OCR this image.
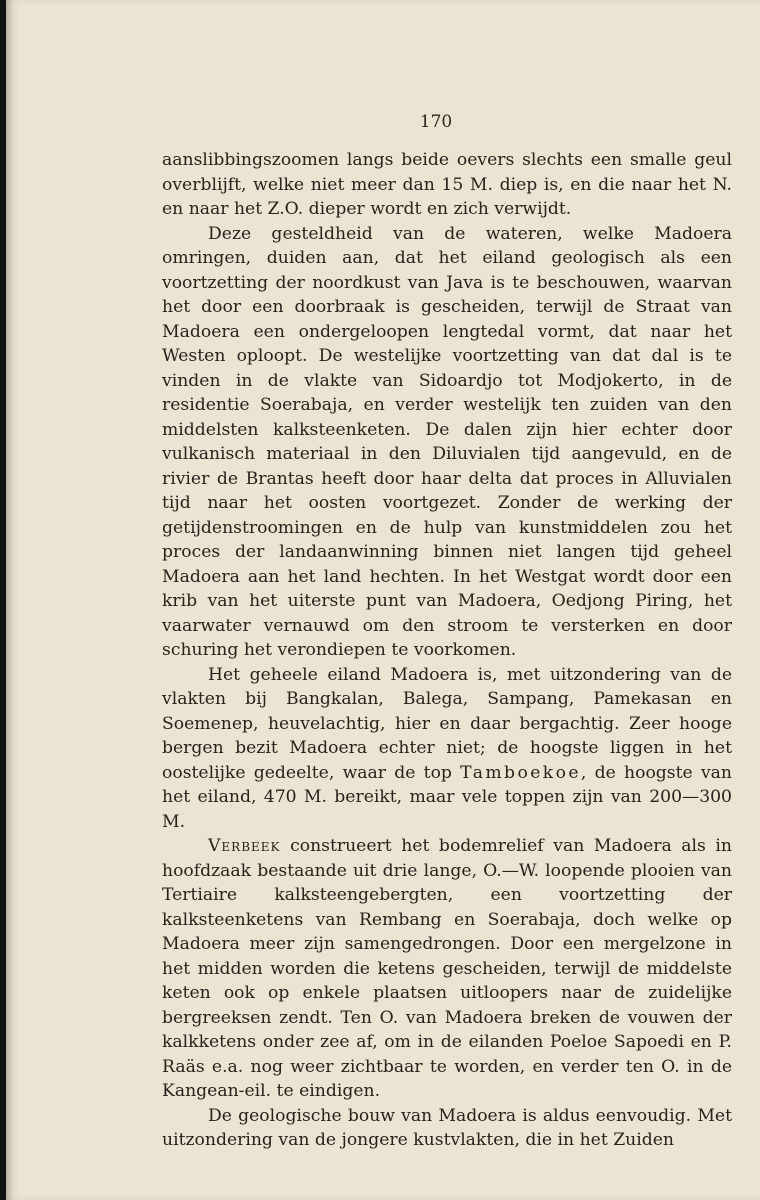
170

aanslibbingszoomen langs beide oevers slechts een smalle geul overblijft, welke niet meer dan 15 M. diep is, en die naar het N. en naar het Z.O. dieper wordt en zich verwijdt.

Deze gesteldheid van de wateren, welke Madoera omringen, duiden aan, dat het eiland geologisch als een voortzetting der noordkust van Java is te beschouwen, waarvan het door een doorbraak is gescheiden, terwijl de Straat van Madoera een ondergeloopen lengtedal vormt, dat naar het Westen oploopt. De westelijke voortzetting van dat dal is te vinden in de vlakte van Sidoardjo tot Modjokerto, in de residentie Soerabaja, en verder westelijk ten zuiden van den middelsten kalksteenketen. De dalen zijn hier echter door vulkanisch materiaal in den Diluvialen tijd aangevuld, en de rivier de Brantas heeft door haar delta dat proces in Alluvialen tijd naar het oosten voortgezet. Zonder de werking der getijdenstroomingen en de hulp van kunstmiddelen zou het proces der landaanwinning binnen niet langen tijd geheel Madoera aan het land hechten. In het Westgat wordt door een krib van het uiterste punt van Madoera, Oedjong Piring, het vaarwater vernauwd om den stroom te versterken en door schuring het verondiepen te voorkomen.

Het geheele eiland Madoera is, met uitzondering van de vlakten bij Bangkalan, Balega, Sampang, Pamekasan en Soemenep, heuvelachtig, hier en daar bergachtig. Zeer hooge bergen bezit Madoera echter niet; de hoogste liggen in het oostelijke gedeelte, waar de top Tamboekoe, de hoogste van het eiland, 470 M. bereikt, maar vele toppen zijn van 200—300 M.

Verbeek construeert het bodemrelief van Madoera als in hoofdzaak bestaande uit drie lange, O.—W. loopende plooien van Tertiaire kalksteengebergten, een voortzetting der kalksteenketens van Rembang en Soerabaja, doch welke op Madoera meer zijn samengedrongen. Door een mergelzone in het midden worden die ketens gescheiden, terwijl de middelste keten ook op enkele plaatsen uitloopers naar de zuidelijke bergreeksen zendt. Ten O. van Madoera breken de vouwen der kalkketens onder zee af, om in de eilanden Poeloe Sapoedi en P. Raäs e.a. nog weer zichtbaar te worden, en verder ten O. in de Kangean-eil. te eindigen.

De geologische bouw van Madoera is aldus eenvoudig. Met uitzondering van de jongere kustvlakten, die in het Zuiden
